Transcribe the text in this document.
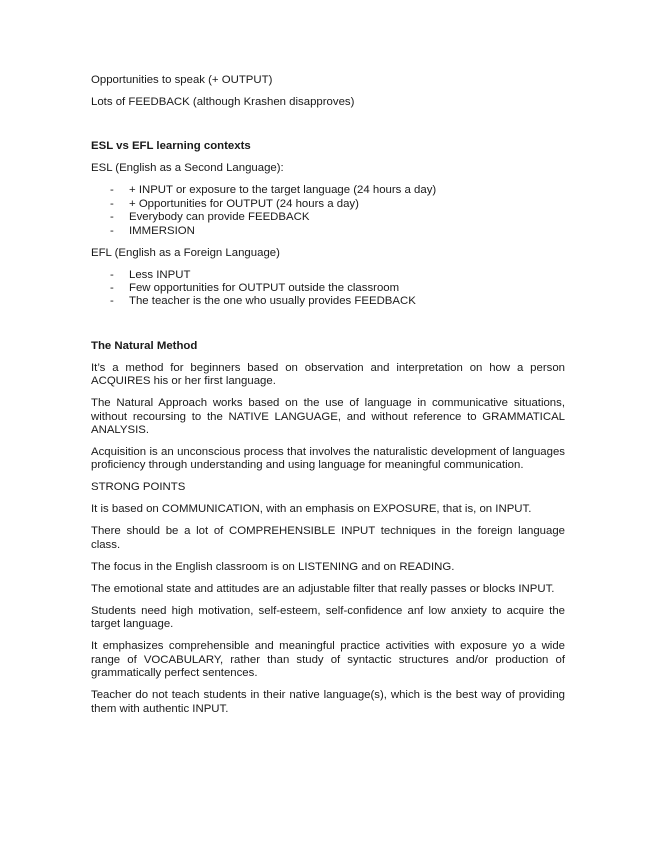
Opportunities to speak (+ OUTPUT)

Lots of FEEDBACK (although Krashen disapproves)

ESL vs EFL learning contexts

ESL (English as a Second Language):

- + INPUT or exposure to the target language (24 hours a day)
- + Opportunities for OUTPUT (24 hours a day)
- Everybody can provide FEEDBACK
- IMMERSION

EFL (English as a Foreign Language)

- Less INPUT
- Few opportunities for OUTPUT outside the classroom
- The teacher is the one who usually provides FEEDBACK

The Natural Method

It’s a method for beginners based on observation and interpretation on how a person ACQUIRES his or her first language.

The Natural Approach works based on the use of language in communicative situations, without recoursing to the NATIVE LANGUAGE, and without reference to GRAMMATICAL ANALYSIS.

Acquisition is an unconscious process that involves the naturalistic development of languages proficiency through understanding and using language for meaningful communication.

STRONG POINTS

It is based on COMMUNICATION, with an emphasis on EXPOSURE, that is, on INPUT.

There should be a lot of COMPREHENSIBLE INPUT techniques in the foreign language class.

The focus in the English classroom is on LISTENING and on READING.

The emotional state and attitudes are an adjustable filter that really passes or blocks INPUT.

Students need high motivation, self-esteem, self-confidence anf low anxiety to acquire the target language.

It emphasizes comprehensible and meaningful practice activities with exposure yo a wide range of VOCABULARY, rather than study of syntactic structures and/or production of grammatically perfect sentences.

Teacher do not teach students in their native language(s), which is the best way of providing them with authentic INPUT.
